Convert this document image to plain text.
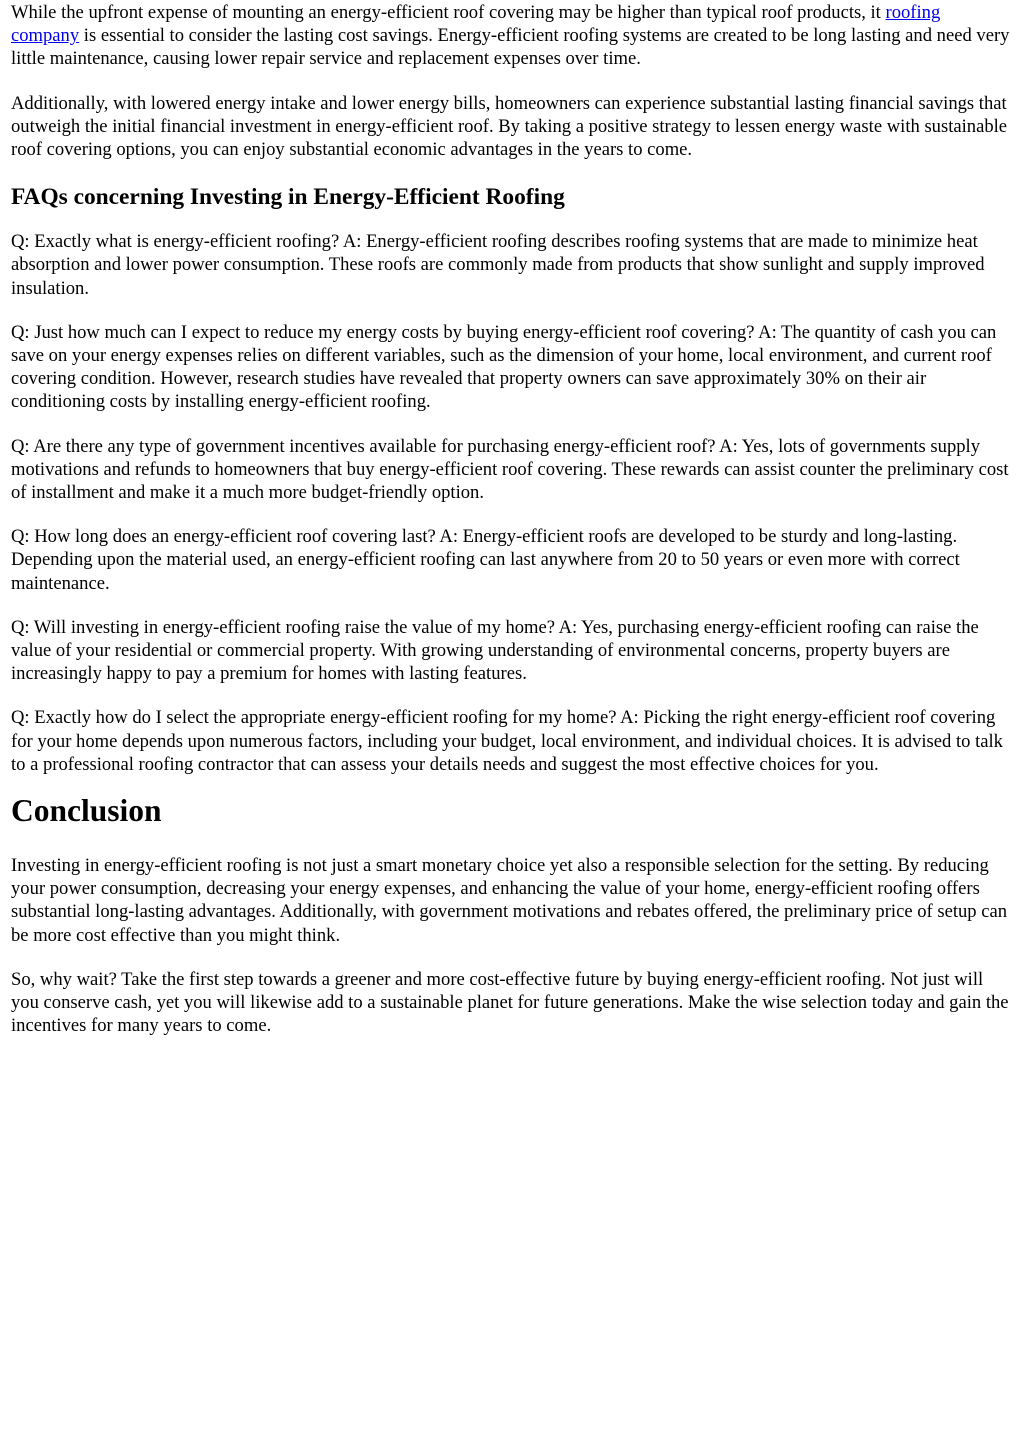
While the upfront expense of mounting an energy-efficient roof covering may be higher than typical roof products, it roofing company is essential to consider the lasting cost savings. Energy-efficient roofing systems are created to be long lasting and need very little maintenance, causing lower repair service and replacement expenses over time.

Additionally, with lowered energy intake and lower energy bills, homeowners can experience substantial lasting financial savings that outweigh the initial financial investment in energy-efficient roof. By taking a positive strategy to lessen energy waste with sustainable roof covering options, you can enjoy substantial economic advantages in the years to come.

FAQs concerning Investing in Energy-Efficient Roofing

Q: Exactly what is energy-efficient roofing? A: Energy-efficient roofing describes roofing systems that are made to minimize heat absorption and lower power consumption. These roofs are commonly made from products that show sunlight and supply improved insulation.

Q: Just how much can I expect to reduce my energy costs by buying energy-efficient roof covering? A: The quantity of cash you can save on your energy expenses relies on different variables, such as the dimension of your home, local environment, and current roof covering condition. However, research studies have revealed that property owners can save approximately 30% on their air conditioning costs by installing energy-efficient roofing.

Q: Are there any type of government incentives available for purchasing energy-efficient roof? A: Yes, lots of governments supply motivations and refunds to homeowners that buy energy-efficient roof covering. These rewards can assist counter the preliminary cost of installment and make it a much more budget-friendly option.

Q: How long does an energy-efficient roof covering last? A: Energy-efficient roofs are developed to be sturdy and long-lasting. Depending upon the material used, an energy-efficient roofing can last anywhere from 20 to 50 years or even more with correct maintenance.

Q: Will investing in energy-efficient roofing raise the value of my home? A: Yes, purchasing energy-efficient roofing can raise the value of your residential or commercial property. With growing understanding of environmental concerns, property buyers are increasingly happy to pay a premium for homes with lasting features.

Q: Exactly how do I select the appropriate energy-efficient roofing for my home? A: Picking the right energy-efficient roof covering for your home depends upon numerous factors, including your budget, local environment, and individual choices. It is advised to talk to a professional roofing contractor that can assess your details needs and suggest the most effective choices for you.

Conclusion

Investing in energy-efficient roofing is not just a smart monetary choice yet also a responsible selection for the setting. By reducing your power consumption, decreasing your energy expenses, and enhancing the value of your home, energy-efficient roofing offers substantial long-lasting advantages. Additionally, with government motivations and rebates offered, the preliminary price of setup can be more cost effective than you might think.

So, why wait? Take the first step towards a greener and more cost-effective future by buying energy-efficient roofing. Not just will you conserve cash, yet you will likewise add to a sustainable planet for future generations. Make the wise selection today and gain the incentives for many years to come.
